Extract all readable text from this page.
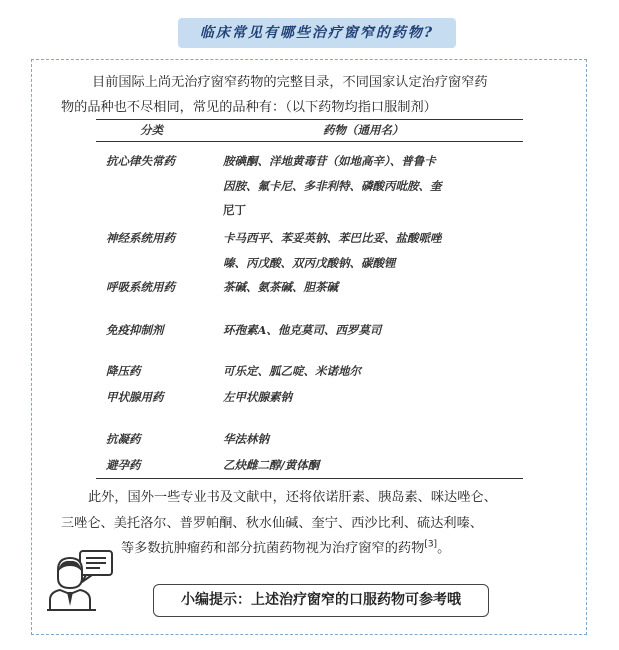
临床常见有哪些治疗窗窄的药物?
目前国际上尚无治疗窗窄药物的完整目录，不同国家认定治疗窗窄药
物的品种也不尽相同，常见的品种有：（以下药物均指口服制剂）
分类	药物（通用名）
抗心律失常药	胺碘酮、洋地黄毒苷（如地高辛）、普鲁卡
因胺、氟卡尼、多非利特、磷酸丙吡胺、奎
尼丁
神经系统用药	卡马西平、苯妥英钠、苯巴比妥、盐酸哌唑
嗪、丙戊酸、双丙戊酸钠、碳酸锂
呼吸系统用药	茶碱、氨茶碱、胆茶碱
免疫抑制剂	环孢素A、他克莫司、西罗莫司
降压药	可乐定、胍乙啶、米诺地尔
甲状腺用药	左甲状腺素钠
抗凝药	华法林钠
避孕药	乙炔雌二醇/黄体酮
此外，国外一些专业书及文献中，还将依诺肝素、胰岛素、咪达唑仑、
三唑仑、美托洛尔、普罗帕酮、秋水仙碱、奎宁、西沙比利、硫达利嗪、
等多数抗肿瘤药和部分抗菌药物视为治疗窗窄的药物[3]。
小编提示：上述治疗窗窄的口服药物可参考哦
